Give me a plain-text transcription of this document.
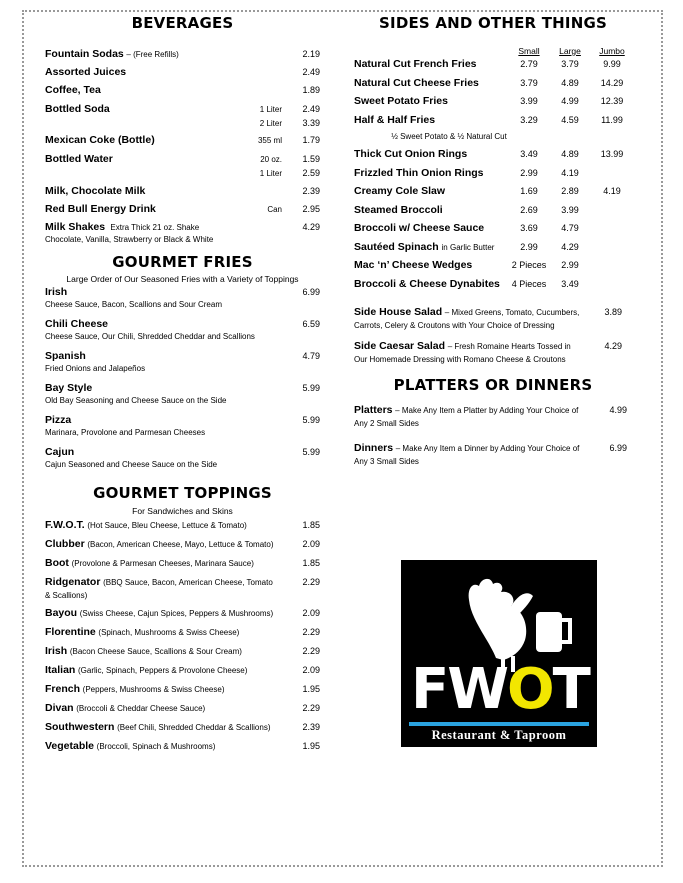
BEVERAGES
Fountain Sodas – (Free Refills)	2.19
Assorted Juices	2.49
Coffee, Tea	1.89
Bottled Soda	1 Liter 2.49
2 Liter 3.39
Mexican Coke (Bottle)	355 ml 1.79
Bottled Water	20 oz. 1.59
1 Liter 2.59
Milk, Chocolate Milk	2.39
Red Bull Energy Drink	Can 2.95
Milk Shakes Extra Thick 21 oz. Shake	4.29
Chocolate, Vanilla, Strawberry or Black & White
GOURMET FRIES
Large Order of Our Seasoned Fries with a Variety of Toppings
Irish	6.99
Cheese Sauce, Bacon, Scallions and Sour Cream
Chili Cheese	6.59
Cheese Sauce, Our Chili, Shredded Cheddar and Scallions
Spanish	4.79
Fried Onions and Jalapeños
Bay Style	5.99
Old Bay Seasoning and Cheese Sauce on the Side
Pizza	5.99
Marinara, Provolone and Parmesan Cheeses
Cajun	5.99
Cajun Seasoned and Cheese Sauce on the Side
GOURMET TOPPINGS
For Sandwiches and Skins
F.W.O.T. (Hot Sauce, Bleu Cheese, Lettuce & Tomato)	1.85
Clubber (Bacon, American Cheese, Mayo, Lettuce & Tomato)	2.09
Boot (Provolone & Parmesan Cheeses, Marinara Sauce)	1.85
Ridgenator (BBQ Sauce, Bacon, American Cheese, Tomato & Scallions)
2.29
Bayou (Swiss Cheese, Cajun Spices, Peppers & Mushrooms)	2.09
Florentine (Spinach, Mushrooms & Swiss Cheese)	2.29
Irish (Bacon Cheese Sauce, Scallions & Sour Cream)	2.29
Italian (Garlic, Spinach, Peppers & Provolone Cheese)	2.09
French (Peppers, Mushrooms & Swiss Cheese)	1.95
Divan (Broccoli & Cheddar Cheese Sauce)	2.29
Southwestern (Beef Chili, Shredded Cheddar & Scallions)	2.39
Vegetable (Broccoli, Spinach & Mushrooms)	1.95
SIDES AND OTHER THINGS
Small	Large	Jumbo
Natural Cut French Fries	2.79	3.79	9.99
Natural Cut Cheese Fries	3.79	4.89	14.29
Sweet Potato Fries	3.99	4.99	12.39
Half & Half Fries	3.29	4.59	11.99
½ Sweet Potato & ½ Natural Cut
Thick Cut Onion Rings	3.49	4.89	13.99
Frizzled Thin Onion Rings	2.99	4.19
Creamy Cole Slaw	1.69	2.89	4.19
Steamed Broccoli	2.69	3.99
Broccoli w/ Cheese Sauce	3.69	4.79
Sautéed Spinach in Garlic Butter	2.99	4.29
Mac ‘n’ Cheese Wedges	2 Pieces	2.99
Broccoli & Cheese Dynabites	4 Pieces	3.49
Side House Salad – Mixed Greens, Tomato, Cucumbers, Carrots, Celery & Croutons with Your Choice of Dressing
3.89
Side Caesar Salad – Fresh Romaine Hearts Tossed in Our Homemade Dressing with Romano Cheese & Croutons
4.29
PLATTERS OR DINNERS
Platters – Make Any Item a Platter by Adding Your Choice of Any 2 Small Sides
4.99
Dinners – Make Any Item a Dinner by Adding Your Choice of Any 3 Small Sides
6.99
FWOT
Restaurant & Taproom
